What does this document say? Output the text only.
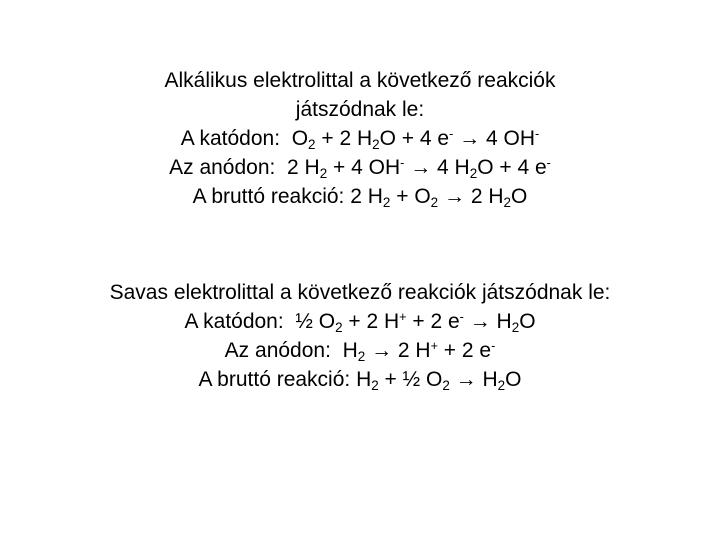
Alkálikus elektrolittal a következő reakciók
játszódnak le:
A katódon:  $O_2 + 2$ $H_2O + 4$ e- → 4 OH-
Az anódon:  2 $H_2 + 4$ OH- → 4 $H_2O + 4$ e-
A bruttó reakció: 2 $H_2 + O_2 \to 2$ $H_2O$
Savas elektrolittal a következő reakciók játszódnak le:
A katódon:  ½ $O_2 + 2$ H+ + 2 $e^- \to H_2O$
Az anódon:  $H_2 \to 2$ H+ + 2 e-
A bruttó reakció: $H_2$ + ½ $O_2 \to H_2O$
